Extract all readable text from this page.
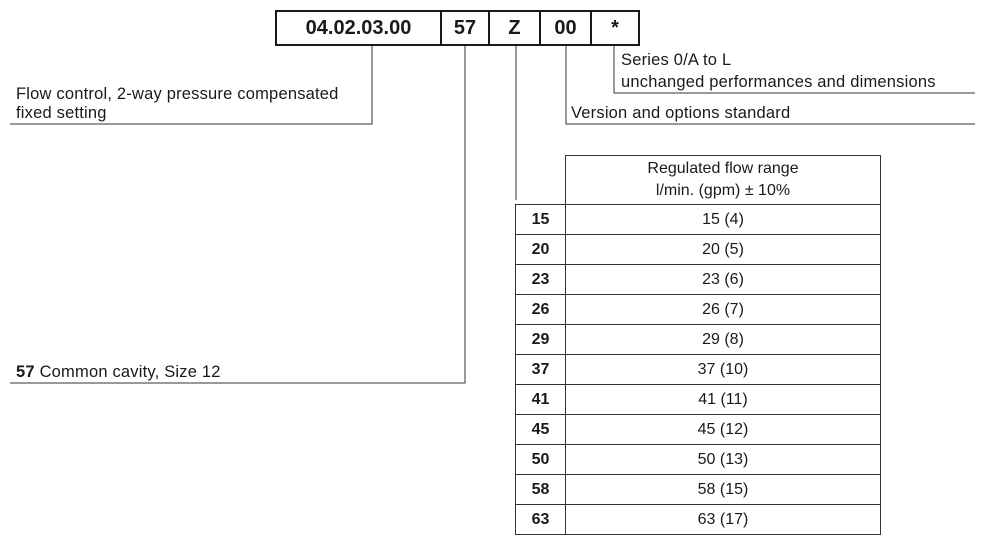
04.02.03.00	57	Z	00	*
Series 0/A to L
unchanged performances and dimensions
Version and options standard
Flow control, 2-way pressure compensated
fixed setting
57 Common cavity, Size 12

	Regulated flow range
l/min. (gpm) ± 10%

15	15 (4)
20	20 (5)
23	23 (6)
26	26 (7)
29	29 (8)
37	37 (10)
41	41 (11)
45	45 (12)
50	50 (13)
58	58 (15)
63	63 (17)
